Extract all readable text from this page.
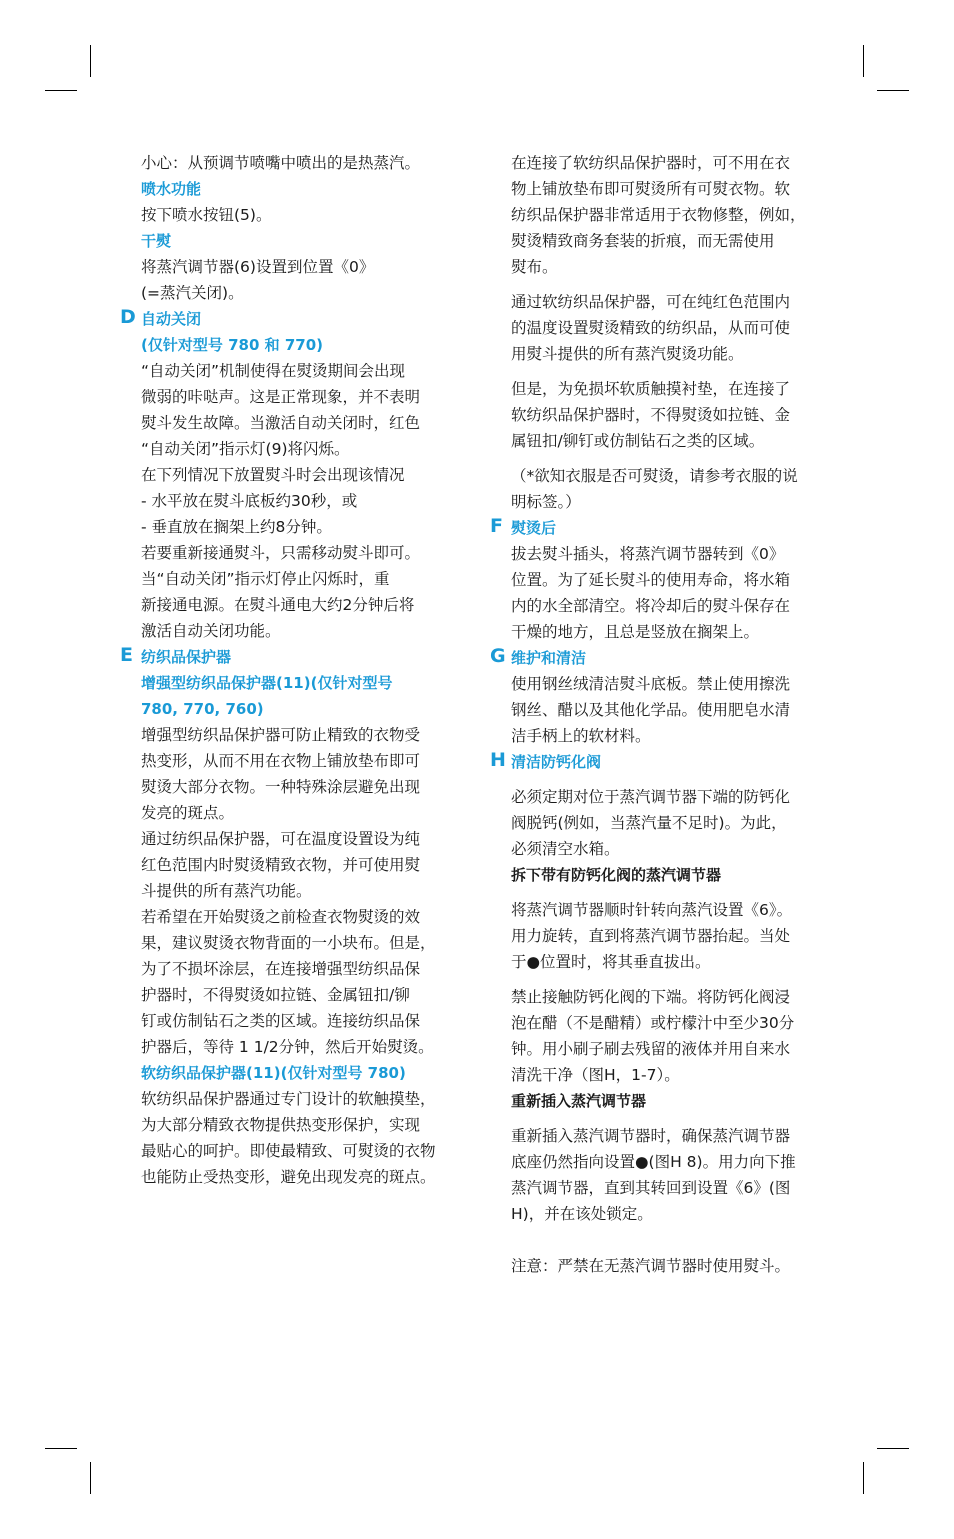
小心：从预调节喷嘴中喷出的是热蒸汽。

喷水功能

按下喷水按钮(5)。

干熨

将蒸汽调节器(6)设置到位置《0》

(=蒸汽关闭)。

D 自动关闭

(仅针对型号 780 和 770)

“自动关闭”机制使得在熨烫期间会出现

微弱的咔哒声。这是正常现象，并不表明

熨斗发生故障。当激活自动关闭时，红色

“自动关闭”指示灯(9)将闪烁。

在下列情况下放置熨斗时会出现该情况

- 水平放在熨斗底板约30秒，或

- 垂直放在搁架上约8分钟。

若要重新接通熨斗，只需移动熨斗即可。

当“自动关闭”指示灯停止闪烁时，重

新接通电源。在熨斗通电大约2分钟后将

激活自动关闭功能。

E 纺织品保护器

增强型纺织品保护器(11)(仅针对型号

780, 770, 760)

增强型纺织品保护器可防止精致的衣物受

热变形，从而不用在衣物上铺放垫布即可

熨烫大部分衣物。一种特殊涂层避免出现

发亮的斑点。

通过纺织品保护器，可在温度设置设为纯

红色范围内时熨烫精致衣物，并可使用熨

斗提供的所有蒸汽功能。

若希望在开始熨烫之前检查衣物熨烫的效

果，建议熨烫衣物背面的一小块布。但是，

为了不损坏涂层，在连接增强型纺织品保

护器时，不得熨烫如拉链、金属钮扣/铆

钉或仿制钻石之类的区域。连接纺织品保

护器后，等待 1 1/2分钟，然后开始熨烫。

软纺织品保护器(11)(仅针对型号 780)

软纺织品保护器通过专门设计的软触摸垫，

为大部分精致衣物提供热变形保护，实现

最贴心的呵护。即使最精致、可熨烫的衣物

也能防止受热变形，避免出现发亮的斑点。

在连接了软纺织品保护器时，可不用在衣

物上铺放垫布即可熨烫所有可熨衣物。软

纺织品保护器非常适用于衣物修整，例如，

熨烫精致商务套装的折痕，而无需使用

熨布。

通过软纺织品保护器，可在纯红色范围内

的温度设置熨烫精致的纺织品，从而可使

用熨斗提供的所有蒸汽熨烫功能。

但是，为免损坏软质触摸衬垫，在连接了

软纺织品保护器时，不得熨烫如拉链、金

属钮扣/铆钉或仿制钻石之类的区域。

（*欲知衣服是否可熨烫，请参考衣服的说

明标签。）

F 熨烫后

拔去熨斗插头，将蒸汽调节器转到《0》

位置。为了延长熨斗的使用寿命，将水箱

内的水全部清空。将冷却后的熨斗保存在

干燥的地方，且总是竖放在搁架上。

G 维护和清洁

使用钢丝绒清洁熨斗底板。禁止使用擦洗

钢丝、醋以及其他化学品。使用肥皂水清

洁手柄上的软材料。

H 清洁防钙化阀

必须定期对位于蒸汽调节器下端的防钙化

阀脱钙(例如，当蒸汽量不足时)。为此，

必须清空水箱。

拆下带有防钙化阀的蒸汽调节器

将蒸汽调节器顺时针转向蒸汽设置《6》。

用力旋转，直到将蒸汽调节器抬起。当处

于●位置时，将其垂直拔出。

禁止接触防钙化阀的下端。将防钙化阀浸

泡在醋（不是醋精）或柠檬汁中至少30分

钟。用小刷子刷去残留的液体并用自来水

清洗干净（图H，1-7）。

重新插入蒸汽调节器

重新插入蒸汽调节器时，确保蒸汽调节器

底座仍然指向设置●(图H 8)。用力向下推

蒸汽调节器，直到其转回到设置《6》(图

H)，并在该处锁定。

注意：严禁在无蒸汽调节器时使用熨斗。
